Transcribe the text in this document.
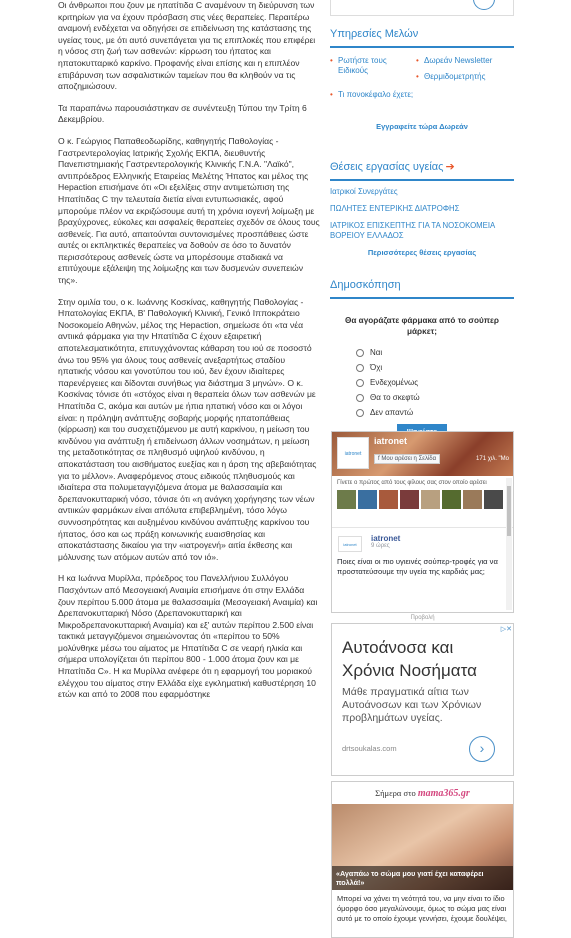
Οι άνθρωποι που ζουν με ηπατίτιδα C αναμένουν τη διεύρυνση των κριτηρίων για να έχουν πρόσβαση στις νέες θεραπείες. Περαιτέρω αναμονή ενδέχεται να οδηγήσει σε επιδείνωση της κατάστασης της υγείας τους, με ότι αυτό συνεπάγεται για τις επιπλοκές που επιφέρει η νόσος στη ζωή των ασθενών: κίρρωση του ήπατος και ηπατοκυτταρικό καρκίνο. Προφανής είναι επίσης και η επιπλέον επιβάρυνση των ασφαλιστικών ταμείων που θα κληθούν να τις αποζημιώσουν.

Τα παραπάνω παρουσιάστηκαν σε συνέντευξη Τύπου την Τρίτη 6 Δεκεμβρίου.

Ο κ. Γεώργιος Παπαθεοδωρίδης, καθηγητής Παθολογίας - Γαστρεντερολογίας Ιατρικής Σχολής ΕΚΠΑ, διευθυντής Πανεπιστημιακής Γαστρεντερολογικής Κλινικής Γ.Ν.Α. "Λαϊκό", αντιπρόεδρος Ελληνικής Εταιρείας Μελέτης Ήπατος και μέλος της Hepaction επισήμανε ότι «Οι εξελίξεις στην αντιμετώπιση της Ηπατίτιδας C την τελευταία διετία είναι εντυπωσιακές, αφού μπορούμε πλέον να εκριζώσουμε αυτή τη χρόνια ιογενή λοίμωξη με βραχύχρονες, εύκολες και ασφαλείς θεραπείες σχεδόν σε όλους τους ασθενείς. Για αυτό, απαιτούνται συντονισμένες προσπάθειες ώστε αυτές οι εκπληκτικές θεραπείες να δοθούν σε όσο το δυνατόν περισσότερους ασθενείς ώστε να μπορέσουμε σταδιακά να επιτύχουμε εξάλειψη της λοίμωξης και των δυσμενών συνεπειών της».

Στην ομιλία του, ο κ. Ιωάννης Κοσκίνας, καθηγητής Παθολογίας - Ηπατολογίας ΕΚΠΑ, Β' Παθολογική Κλινική, Γενικό Ιπποκράτειο Νοσοκομείο Αθηνών, μέλος της Hepaction, σημείωσε ότι «τα νέα αντιικά φάρμακα για την Ηπατίτιδα C έχουν εξαιρετική αποτελεσματικότητα, επιτυγχάνοντας κάθαρση του ιού σε ποσοστό άνω του 95% για όλους τους ασθενείς ανεξαρτήτως σταδίου ηπατικής νόσου και γονοτύπου του ιού, δεν έχουν ιδιαίτερες παρενέργειες και δίδονται συνήθως για διάστημα 3 μηνών». Ο κ. Κοσκίνας τόνισε ότι «στόχος είναι η θεραπεία όλων των ασθενών με Ηπατίτιδα C, ακόμα και αυτών με ήπια ηπατική νόσο και οι λόγοι είναι: η πρόληψη ανάπτυξης σοβαρής μορφής ηπατοπάθειας (κίρρωση) και του συσχετιζόμενου με αυτή καρκίνου, η μείωση του κινδύνου για ανάπτυξη ή επιδείνωση άλλων νοσημάτων, η μείωση της μεταδοτικότητας σε πληθυσμό υψηλού κινδύνου, η αποκατάσταση του αισθήματος ευεξίας και η άρση της αβεβαιότητας για το μέλλον». Αναφερόμενος στους ειδικούς πληθυσμούς και ιδιαίτερα στα πολυμεταγγιζόμενα άτομα με θαλασσαιμία και δρεπανοκυτταρική νόσο, τόνισε ότι «η ανάγκη χορήγησης των νέων αντιικών φαρμάκων είναι απόλυτα επιβεβλημένη, τόσο λόγω συννοσηρότητας και αυξημένου κινδύνου ανάπτυξης καρκίνου του ήπατος, όσο και ως πράξη κοινωνικής ευαισθησίας και αποκατάστασης δικαίου για την «ιατρογενή» αιτία έκθεσης και μόλυνσης των ατόμων αυτών από τον ιό».

Η κα Ιωάννα Μυρίλλα, πρόεδρος του Πανελλήνιου Συλλόγου Πασχόντων από Μεσογειακή Αναιμία επισήμανε ότι στην Ελλάδα ζουν περίπου 5.000 άτομα με θαλασσαιμία (Μεσογειακή Αναιμία) και Δρεπανοκυτταρική Νόσο (Δρεπανοκυτταρική και Μικροδρεπανοκυτταρική Αναιμία) και εξ' αυτών περίπου 2.500 είναι τακτικά μεταγγιζόμενοι σημειώνοντας ότι «περίπου το 50% μολύνθηκε μέσω του αίματος με Ηπατίτιδα C σε νεαρή ηλικία και σήμερα υπολογίζεται ότι περίπου 800 - 1.000 άτομα ζουν και με Ηπατίτιδα C». Η κα Μυρίλλα ανέφερε ότι η εφαρμογή του μοριακού ελέγχου του αίματος στην Ελλάδα είχε εγκληματική καθυστέρηση 10 ετών και από το 2008 που εφαρμόστηκε

Υπηρεσίες Μελών
• Ρωτήστε τους Ειδικούς
• Δωρεάν Newsletter
• Θερμιδομετρητής
• Τι πονοκέφαλο έχετε;
Εγγραφείτε τώρα Δωρεάν
Θέσεις εργασίας υγείας ➔
Ιατρικοί Συνεργάτες
ΠΩΛΗΤΕΣ ΕΝΤΕΡΙΚΗΣ ΔΙΑΤΡΟΦΗΣ
ΙΑΤΡΙΚΟΣ ΕΠΙΣΚΕΠΤΗΣ ΓΙΑ ΤΑ ΝΟΣΟΚΟΜΕΙΑ ΒΟΡΕΙΟΥ ΕΛΛΑΔΟΣ
Περισσότερες θέσεις εργασίας
Δημοσκόπηση
Θα αγοράζατε φάρμακα από το σούπερ μάρκετ;
Ναι
Όχι
Ενδεχομένως
Θα το σκεφτώ
Δεν απαντώ
iatronet
iatronet
f Μου αρέσει η Σελίδα	171 χιλ. "Μο
Γίνετε ο πρώτος από τους φίλους σας στον οποίο αρέσει
iatronet
iatronet
9 ώρες
Ποιες είναι οι πιο υγιεινές σούπερ-τροφές για να προστατεύσουμε την υγεία της καρδιάς μας;
Προβολή
▷✕
Αυτοάνοσα και Χρόνια Νοσήματα
Μάθε πραγματικά αίτια των Αυτοάνοσων και των Χρόνιων προβλημάτων υγείας.
drtsoukalas.com	›
Σήμερα στο mama365.gr
«Αγαπάω το σώμα μου γιατί έχει καταφέρει πολλά!»
Μπορεί να χάνει τη νεότητά του, να μην είναι το ίδιο όμορφο όσο μεγαλώνουμε, όμως το σώμα μας είναι αυτό με το οποίο έχουμε γεννήσει, έχουμε δουλέψει,
